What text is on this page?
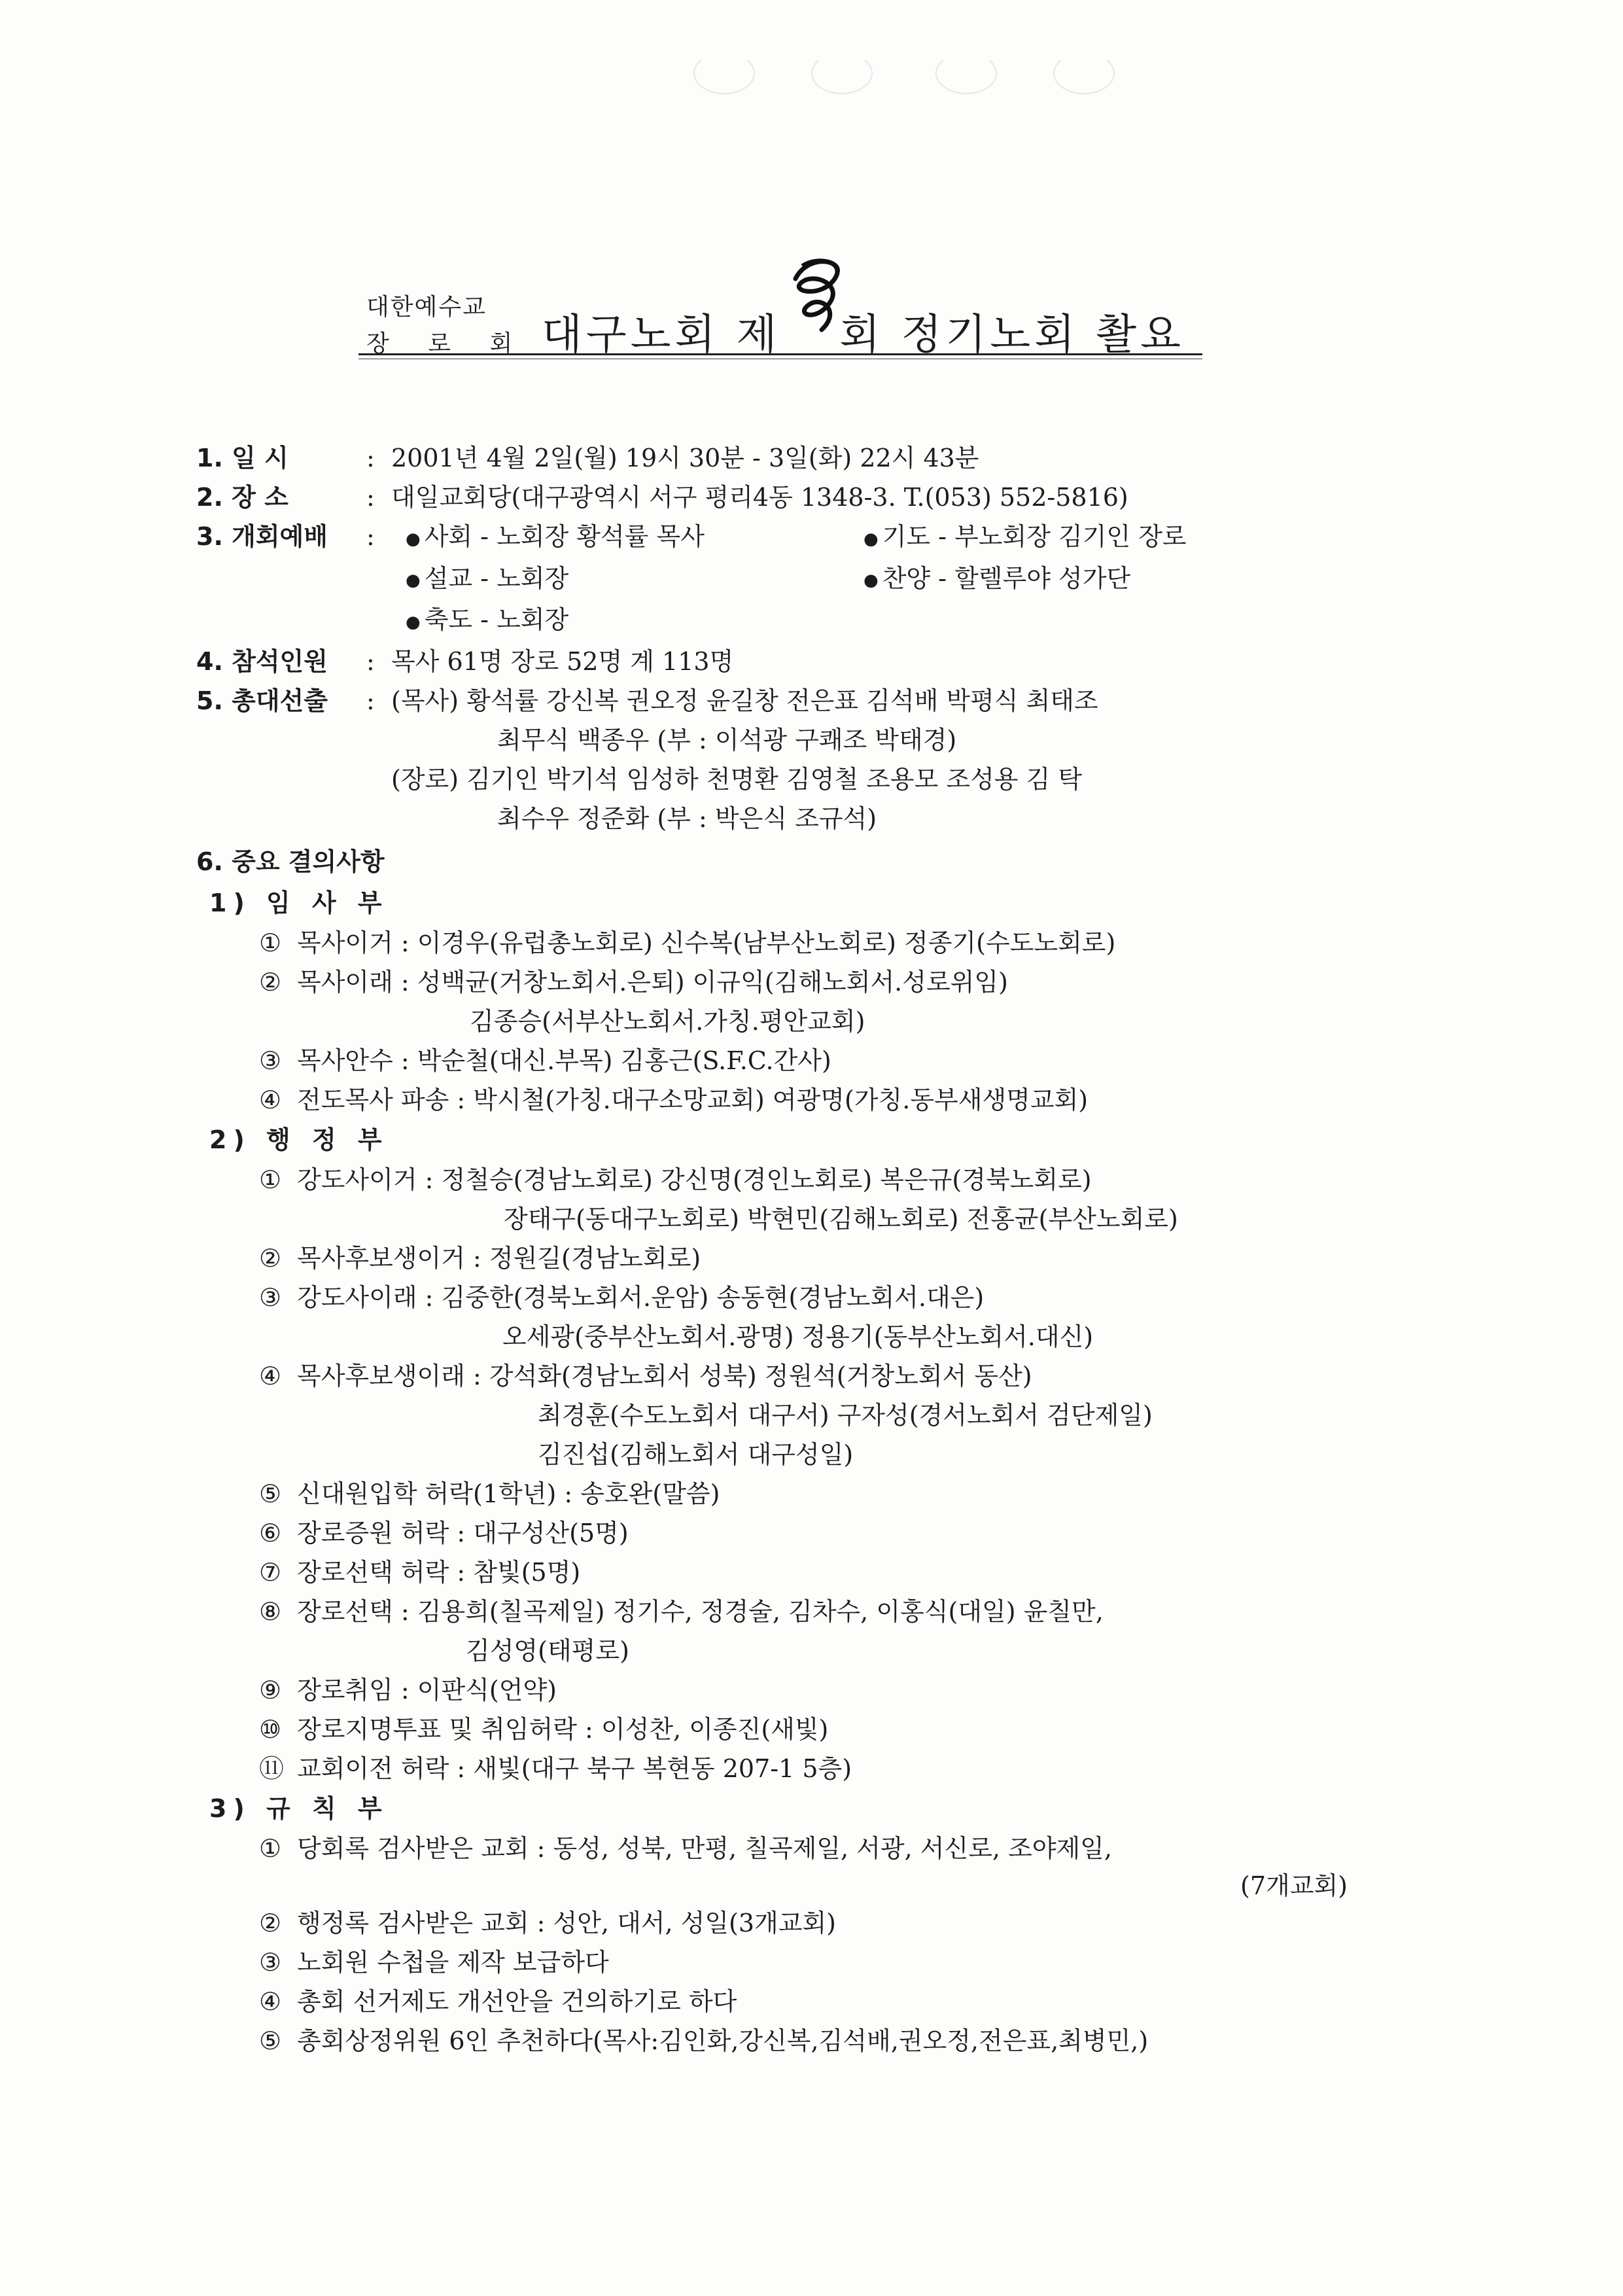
대한예수교
장 로 회 대구노회 제 회 정기노회 촬요
1. 일 시	: 2001년 4월 2일(월) 19시 30분 - 3일(화) 22시 43분
2. 장 소	: 대일교회당(대구광역시 서구 평리4동 1348-3. T.(053) 552-5816)
3. 개회예배	:	● 사회 - 노회장 황석률 목사	● 기도 - 부노회장 김기인 장로
● 설교 - 노회장	● 찬양 - 할렐루야 성가단
● 축도 - 노회장
4. 참석인원	: 목사 61명 장로 52명 계 113명
5. 총대선출	: (목사) 황석률 강신복 권오정 윤길창 전은표 김석배 박평식 최태조
최무식 백종우 (부 : 이석광 구쾌조 박태경)
(장로) 김기인 박기석 임성하 천명환 김영철 조용모 조성용 김 탁
최수우 정준화 (부 : 박은식 조규석)
6. 중요 결의사항
1) 임 사 부
① 목사이거 : 이경우(유럽총노회로) 신수복(남부산노회로) 정종기(수도노회로)
② 목사이래 : 성백균(거창노회서.은퇴) 이규익(김해노회서.성로위임)
김종승(서부산노회서.가칭.평안교회)
③ 목사안수 : 박순철(대신.부목) 김홍근(S.F.C.간사)
④ 전도목사 파송 : 박시철(가칭.대구소망교회) 여광명(가칭.동부새생명교회)
2) 행 정 부
① 강도사이거 : 정철승(경남노회로) 강신명(경인노회로) 복은규(경북노회로)
장태구(동대구노회로) 박현민(김해노회로) 전홍균(부산노회로)
② 목사후보생이거 : 정원길(경남노회로)
③ 강도사이래 : 김중한(경북노회서.운암) 송동현(경남노회서.대은)
오세광(중부산노회서.광명) 정용기(동부산노회서.대신)
④ 목사후보생이래 : 강석화(경남노회서 성북) 정원석(거창노회서 동산)
최경훈(수도노회서 대구서) 구자성(경서노회서 검단제일)
김진섭(김해노회서 대구성일)
⑤ 신대원입학 허락(1학년) : 송호완(말씀)
⑥ 장로증원 허락 : 대구성산(5명)
⑦ 장로선택 허락 : 참빛(5명)
⑧ 장로선택 : 김용희(칠곡제일) 정기수, 정경술, 김차수, 이홍식(대일) 윤칠만,
김성영(태평로)
⑨ 장로취임 : 이판식(언약)
⑩ 장로지명투표 및 취임허락 : 이성찬, 이종진(새빛)
⑪ 교회이전 허락 : 새빛(대구 북구 복현동 207-1 5층)
3) 규 칙 부
① 당회록 검사받은 교회 : 동성, 성북, 만평, 칠곡제일, 서광, 서신로, 조야제일,
(7개교회)
② 행정록 검사받은 교회 : 성안, 대서, 성일(3개교회)
③ 노회원 수첩을 제작 보급하다
④ 총회 선거제도 개선안을 건의하기로 하다
⑤ 총회상정위원 6인 추천하다(목사:김인화,강신복,김석배,권오정,전은표,최병민,)
